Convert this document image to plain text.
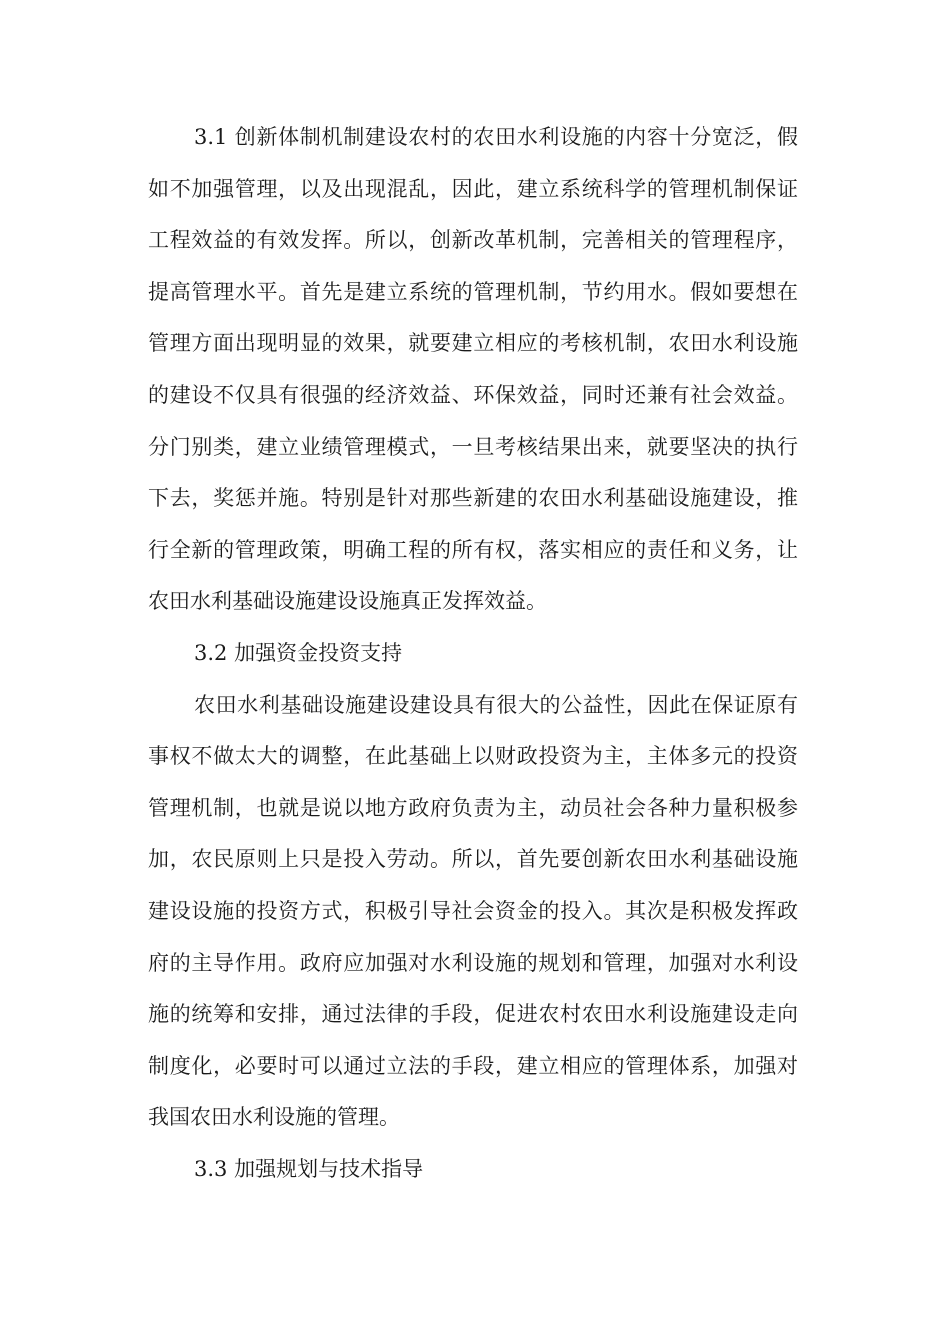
3.1 创新体制机制建设农村的农田水利设施的内容十分宽泛，假如不加强管理，以及出现混乱，因此，建立系统科学的管理机制保证工程效益的有效发挥。所以，创新改革机制，完善相关的管理程序，提高管理水平。首先是建立系统的管理机制，节约用水。假如要想在管理方面出现明显的效果，就要建立相应的考核机制，农田水利设施的建设不仅具有很强的经济效益、环保效益，同时还兼有社会效益。分门别类，建立业绩管理模式，一旦考核结果出来，就要坚决的执行下去，奖惩并施。特别是针对那些新建的农田水利基础设施建设，推行全新的管理政策，明确工程的所有权，落实相应的责任和义务，让农田水利基础设施建设设施真正发挥效益。

3.2 加强资金投资支持

农田水利基础设施建设建设具有很大的公益性，因此在保证原有事权不做太大的调整，在此基础上以财政投资为主，主体多元的投资管理机制，也就是说以地方政府负责为主，动员社会各种力量积极参加，农民原则上只是投入劳动。所以，首先要创新农田水利基础设施建设设施的投资方式，积极引导社会资金的投入。其次是积极发挥政府的主导作用。政府应加强对水利设施的规划和管理，加强对水利设施的统筹和安排，通过法律的手段，促进农村农田水利设施建设走向制度化，必要时可以通过立法的手段，建立相应的管理体系，加强对我国农田水利设施的管理。

3.3 加强规划与技术指导
